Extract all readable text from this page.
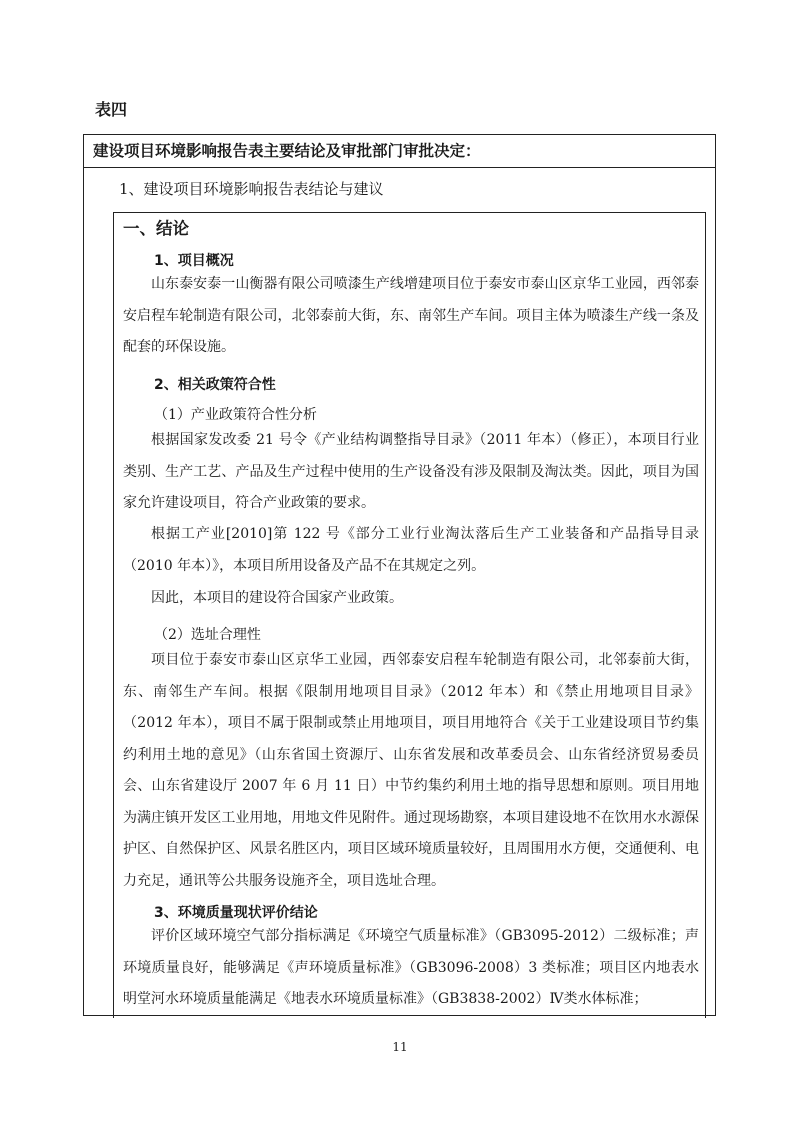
表四
建设项目环境影响报告表主要结论及审批部门审批决定：
1、建设项目环境影响报告表结论与建议
一、结论
1、项目概况

山东泰安泰一山衡器有限公司喷漆生产线增建项目位于泰安市泰山区京华工业园，西邻泰安启程车轮制造有限公司，北邻泰前大街，东、南邻生产车间。项目主体为喷漆生产线一条及配套的环保设施。

2、相关政策符合性
（1）产业政策符合性分析

根据国家发改委 21 号令《产业结构调整指导目录》（2011 年本）（修正），本项目行业类别、生产工艺、产品及生产过程中使用的生产设备没有涉及限制及淘汰类。因此，项目为国家允许建设项目，符合产业政策的要求。

根据工产业[2010]第 122 号《部分工业行业淘汰落后生产工业装备和产品指导目录（2010 年本）》，本项目所用设备及产品不在其规定之列。

因此，本项目的建设符合国家产业政策。

（2）选址合理性

项目位于泰安市泰山区京华工业园，西邻泰安启程车轮制造有限公司，北邻泰前大街，东、南邻生产车间。根据《限制用地项目目录》（2012 年本）和《禁止用地项目目录》（2012 年本），项目不属于限制或禁止用地项目，项目用地符合《关于工业建设项目节约集约利用土地的意见》（山东省国土资源厅、山东省发展和改革委员会、山东省经济贸易委员会、山东省建设厅 2007 年 6 月 11 日）中节约集约利用土地的指导思想和原则。项目用地为满庄镇开发区工业用地，用地文件见附件。通过现场勘察，本项目建设地不在饮用水水源保护区、自然保护区、风景名胜区内，项目区域环境质量较好，且周围用水方便，交通便利、电力充足，通讯等公共服务设施齐全，项目选址合理。

3、环境质量现状评价结论

评价区域环境空气部分指标满足《环境空气质量标准》（GB3095-2012）二级标准；声环境质量良好，能够满足《声环境质量标准》（GB3096-2008）3 类标准；项目区内地表水明堂河水环境质量能满足《地表水环境质量标准》（GB3838-2002）Ⅳ类水体标准；

11
